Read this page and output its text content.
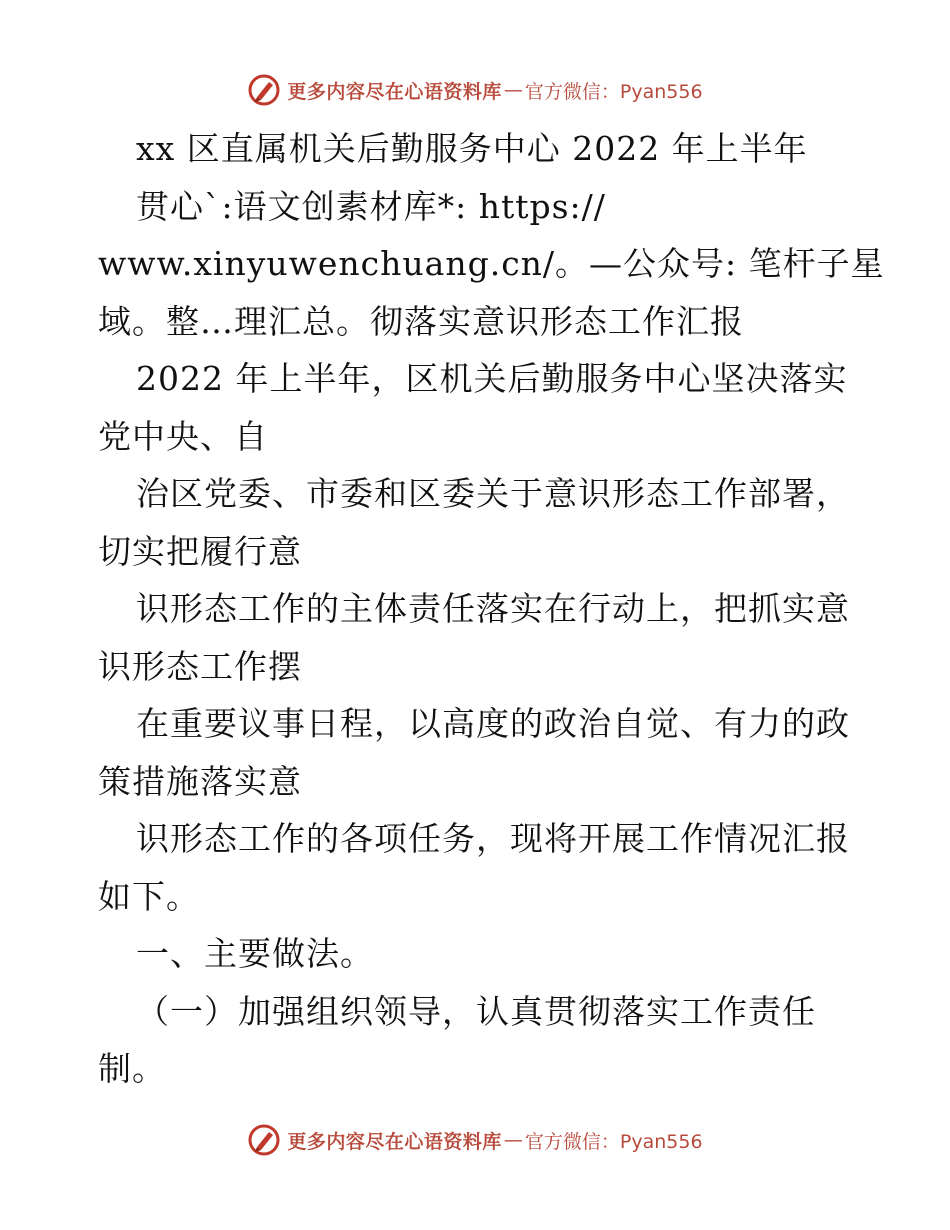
更多内容尽在心语资料库 — 官方微信：Pyan556

xx 区直属机关后勤服务中心 2022 年上半年

贯心`:语文创素材库*: https://

www.xinyuwenchuang.cn/。—公众号: 笔杆子星

域。整…理汇总。彻落实意识形态工作汇报

2022 年上半年，区机关后勤服务中心坚决落实

党中央、自

治区党委、市委和区委关于意识形态工作部署，

切实把履行意

识形态工作的主体责任落实在行动上，把抓实意

识形态工作摆

在重要议事日程，以高度的政治自觉、有力的政

策措施落实意

识形态工作的各项任务，现将开展工作情况汇报

如下。

一、主要做法。

（一）加强组织领导，认真贯彻落实工作责任

制。

更多内容尽在心语资料库 — 官方微信：Pyan556
